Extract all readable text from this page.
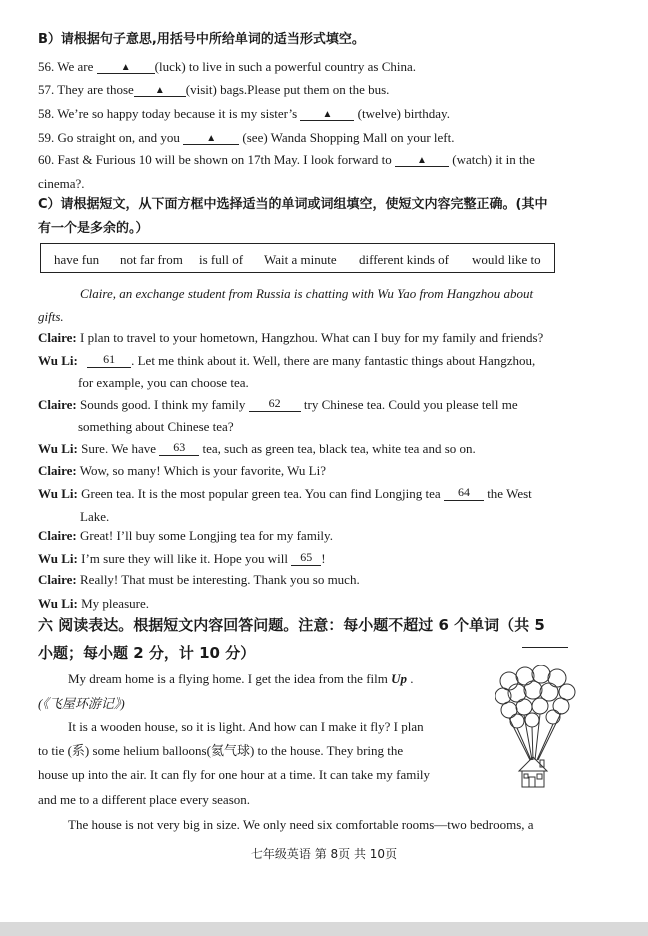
B）请根据句子意思,用括号中所给单词的适当形式填空。
56. We are	▲ (luck) to live in such a powerful country as China.
57. They are those ▲ (visit) bags.Please put them on the bus.
58. We’re so happy today because it is my sister’s	▲ (twelve) birthday.
59. Go straight on, and you	▲ (see) Wanda Shopping Mall on your left.
60. Fast & Furious 10 will be shown on 17th May. I look forward to	▲ (watch) it in the
cinema?.
C）请根据短文，从下面方框中选择适当的单词或词组填空，使短文内容完整正确。(其中
有一个是多余的。）
have fun not far from is full of Wait a minute different kinds of would like to
Claire, an exchange student from Russia is chatting with Wu Yao from Hangzhou about
gifts.
Claire: I plan to travel to your hometown, Hangzhou. What can I buy for my family and friends?
Wu Li: 61 . Let me think about it. Well, there are many fantastic things about Hangzhou,
for example, you can choose tea.
Claire: Sounds good. I think my family 62 try Chinese tea. Could you please tell me
something about Chinese tea?
Wu Li: Sure. We have 63 tea, such as green tea, black tea, white tea and so on.
Claire: Wow, so many! Which is your favorite, Wu Li?
Wu Li: Green tea. It is the most popular green tea. You can find Longjing tea 64 the West
Lake.
Claire: Great! I’ll buy some Longjing tea for my family.
Wu Li: I’m sure they will like it. Hope you will 65 !
Claire: Really! That must be interesting. Thank you so much.
Wu Li: My pleasure.
六 阅读表达。根据短文内容回答问题。注意：每小题不超过 6 个单词（共 5
小题；每小题 2 分，计 10 分）
My dream home is a flying home. I get the idea from the film Up .
(《飞屋环游记》)
It is a wooden house, so it is light. And how can I make it fly? I plan
to tie (系) some helium balloons(氦气球) to the house. They bring the
house up into the air. It can fly for one hour at a time. It can take my family
and me to a different place every season.
The house is not very big in size. We only need six comfortable rooms—two bedrooms, a
七年级英语 第 8页 共 10页
